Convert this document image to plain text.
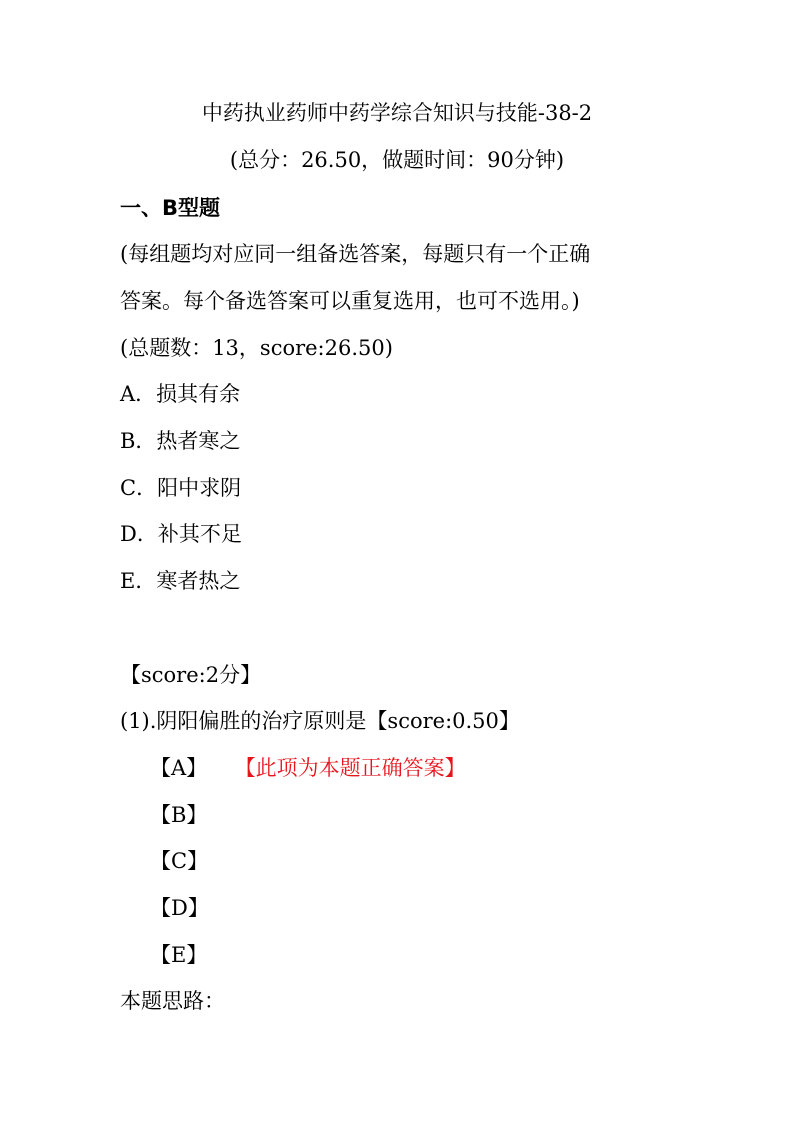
中药执业药师中药学综合知识与技能-38-2
(总分：26.50，做题时间：90分钟)
一、B型题
(每组题均对应同一组备选答案，每题只有一个正确
答案。每个备选答案可以重复选用，也可不选用。)
(总题数：13，score:26.50)
A．损其有余
B．热者寒之
C．阳中求阴
D．补其不足
E．寒者热之
【score:2分】
(1).阴阳偏胜的治疗原则是【score:0.50】
【A】 【此项为本题正确答案】
【B】
【C】
【D】
【E】
本题思路：
